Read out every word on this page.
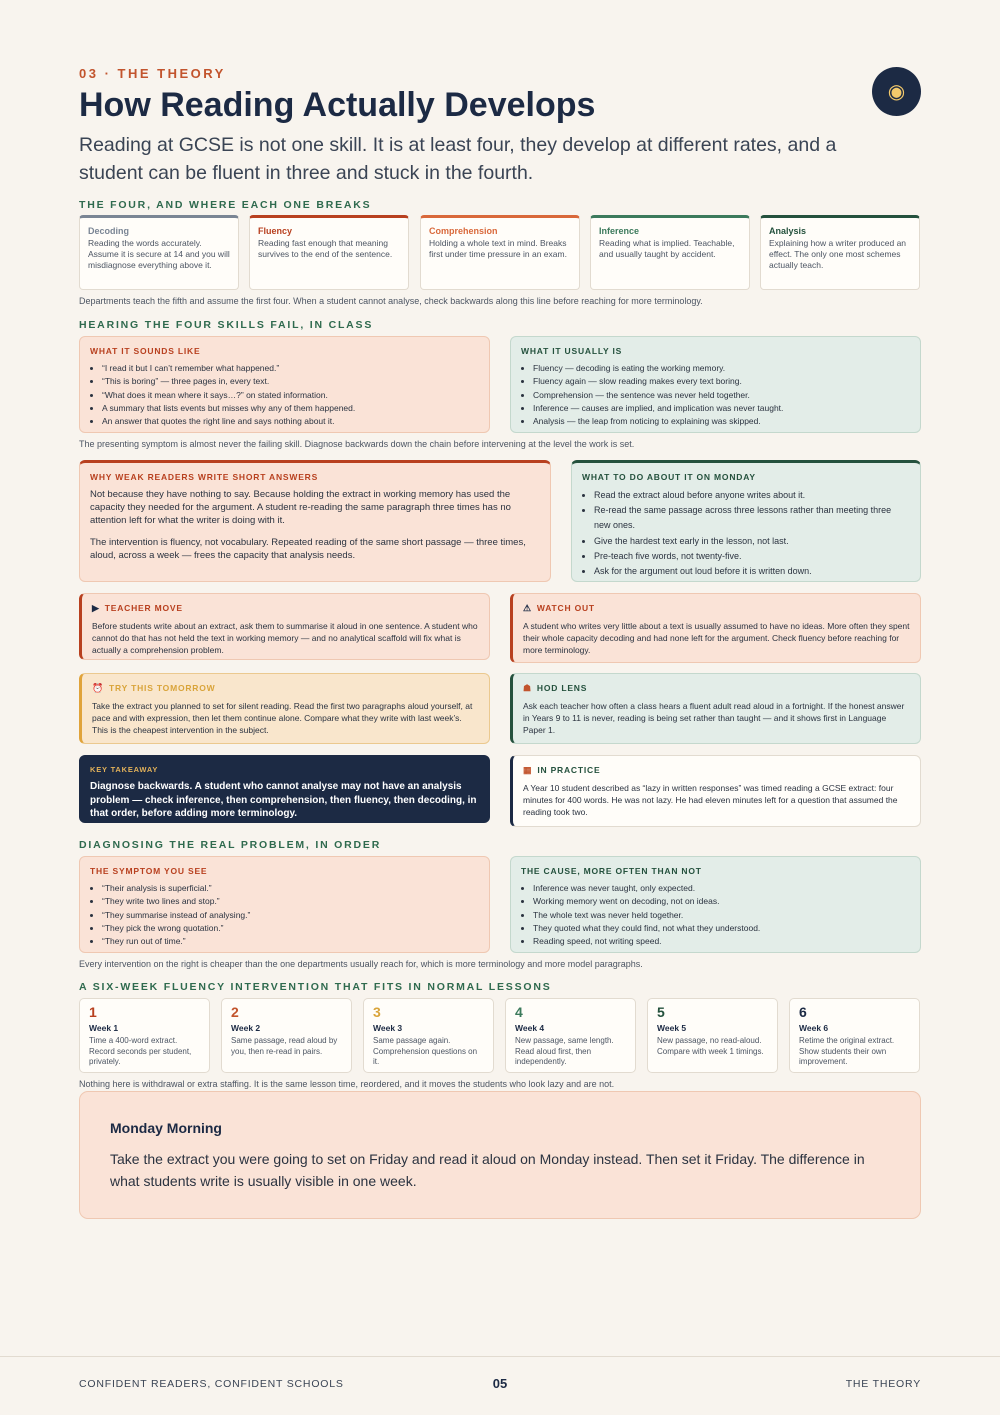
03 · THE THEORY
How Reading Actually Develops	◉
Reading at GCSE is not one skill. It is at least four, they develop at different rates, and a student can be fluent in three and stuck in the fourth.
THE FOUR, AND WHERE EACH ONE BREAKS
Decoding
Reading the words accurately. Assume it is secure at 14 and you will misdiagnose everything above it.
Fluency
Reading fast enough that meaning survives to the end of the sentence.
Comprehension
Holding a whole text in mind. Breaks first under time pressure in an exam.
Inference
Reading what is implied. Teachable, and usually taught by accident.
Analysis
Explaining how a writer produced an effect. The only one most schemes actually teach.
Departments teach the fifth and assume the first four. When a student cannot analyse, check backwards along this line before reaching for more terminology.
HEARING THE FOUR SKILLS FAIL, IN CLASS
WHAT IT SOUNDS LIKE
• “I read it but I can’t remember what happened.”
• “This is boring” — three pages in, every text.
• “What does it mean where it says…?” on stated information.
• A summary that lists events but misses why any of them happened.
• An answer that quotes the right line and says nothing about it.
WHAT IT USUALLY IS
• Fluency — decoding is eating the working memory.
• Fluency again — slow reading makes every text boring.
• Comprehension — the sentence was never held together.
• Inference — causes are implied, and implication was never taught.
• Analysis — the leap from noticing to explaining was skipped.
The presenting symptom is almost never the failing skill. Diagnose backwards down the chain before intervening at the level the work is set.
WHY WEAK READERS WRITE SHORT ANSWERS

Not because they have nothing to say. Because holding the extract in working memory has used the capacity they needed for the argument. A student re-reading the same paragraph three times has no attention left for what the writer is doing with it.

The intervention is fluency, not vocabulary. Repeated reading of the same short passage — three times, aloud, across a week — frees the capacity that analysis needs.

WHAT TO DO ABOUT IT ON MONDAY
• Read the extract aloud before anyone writes about it.
• Re-read the same passage across three lessons rather than meeting three new ones.
• Give the hardest text early in the lesson, not last.
• Pre-teach five words, not twenty-five.
• Ask for the argument out loud before it is written down.
▶ TEACHER MOVE

Before students write about an extract, ask them to summarise it aloud in one sentence. A student who cannot do that has not held the text in working memory — and no analytical scaffold will fix what is actually a comprehension problem.

⚠ WATCH OUT

A student who writes very little about a text is usually assumed to have no ideas. More often they spent their whole capacity decoding and had none left for the argument. Check fluency before reaching for more terminology.

⏰ TRY THIS TOMORROW

Take the extract you planned to set for silent reading. Read the first two paragraphs aloud yourself, at pace and with expression, then let them continue alone. Compare what they write with last week’s. This is the cheapest intervention in the subject.

☗ HOD LENS

Ask each teacher how often a class hears a fluent adult read aloud in a fortnight. If the honest answer in Years 9 to 11 is never, reading is being set rather than taught — and it shows first in Language Paper 1.

KEY TAKEAWAY

Diagnose backwards. A student who cannot analyse may not have an analysis problem — check inference, then comprehension, then fluency, then decoding, in that order, before adding more terminology.

▦ IN PRACTICE

A Year 10 student described as “lazy in written responses” was timed reading a GCSE extract: four minutes for 400 words. He was not lazy. He had eleven minutes left for a question that assumed the reading took two.

DIAGNOSING THE REAL PROBLEM, IN ORDER
THE SYMPTOM YOU SEE
• “Their analysis is superficial.”
• “They write two lines and stop.”
• “They summarise instead of analysing.”
• “They pick the wrong quotation.”
• “They run out of time.”
THE CAUSE, MORE OFTEN THAN NOT
• Inference was never taught, only expected.
• Working memory went on decoding, not on ideas.
• The whole text was never held together.
• They quoted what they could find, not what they understood.
• Reading speed, not writing speed.
Every intervention on the right is cheaper than the one departments usually reach for, which is more terminology and more model paragraphs.
A SIX-WEEK FLUENCY INTERVENTION THAT FITS IN NORMAL LESSONS
1
Week 1
Time a 400-word extract. Record seconds per student, privately.
2
Week 2
Same passage, read aloud by you, then re-read in pairs.
3
Week 3
Same passage again. Comprehension questions on it.
4
Week 4
New passage, same length. Read aloud first, then independently.
5
Week 5
New passage, no read-aloud. Compare with week 1 timings.
6
Week 6
Retime the original extract. Show students their own improvement.
Nothing here is withdrawal or extra staffing. It is the same lesson time, reordered, and it moves the students who look lazy and are not.
Monday Morning
Take the extract you were going to set on Friday and read it aloud on Monday instead. Then set it Friday. The difference in what students write is usually visible in one week.
CONFIDENT READERS, CONFIDENT SCHOOLS	05	THE THEORY
